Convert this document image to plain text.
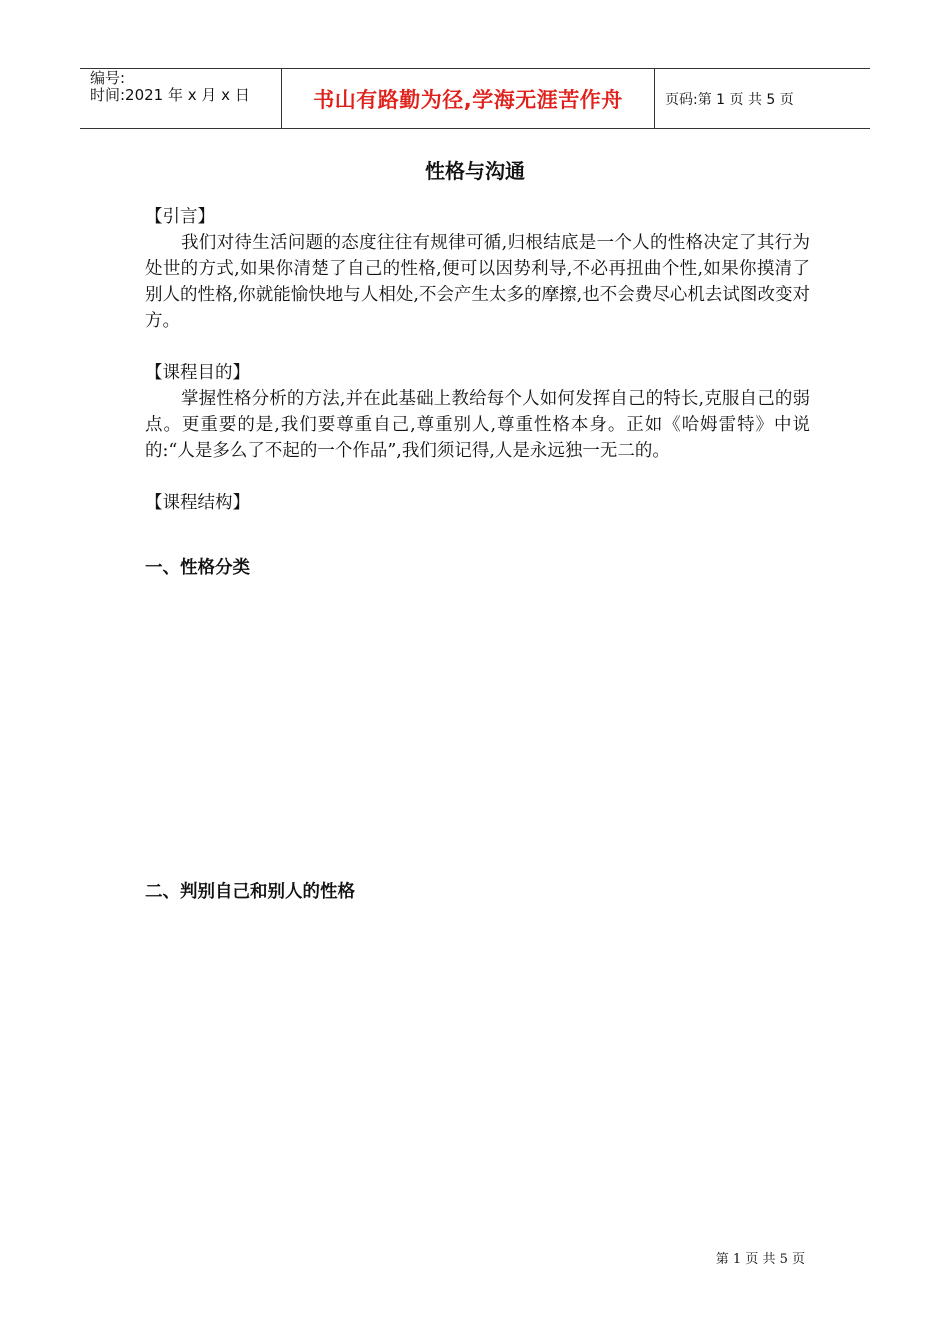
编号:
时间:2021 年 x 月 x 日	书山有路勤为径,学海无涯苦作舟	页码:第 1 页 共 5 页
性格与沟通

【引言】

我们对待生活问题的态度往往有规律可循,归根结底是一个人的性格决定了其行为处世的方式,如果你清楚了自己的性格,便可以因势利导,不必再扭曲个性,如果你摸清了别人的性格,你就能愉快地与人相处,不会产生太多的摩擦,也不会费尽心机去试图改变对方。

【课程目的】

掌握性格分析的方法,并在此基础上教给每个人如何发挥自己的特长,克服自己的弱点。更重要的是,我们要尊重自己,尊重别人,尊重性格本身。正如《哈姆雷特》中说的:“人是多么了不起的一个作品”,我们须记得,人是永远独一无二的。

【课程结构】

一、性格分类
二、判别自己和别人的性格
第 1 页 共 5 页
